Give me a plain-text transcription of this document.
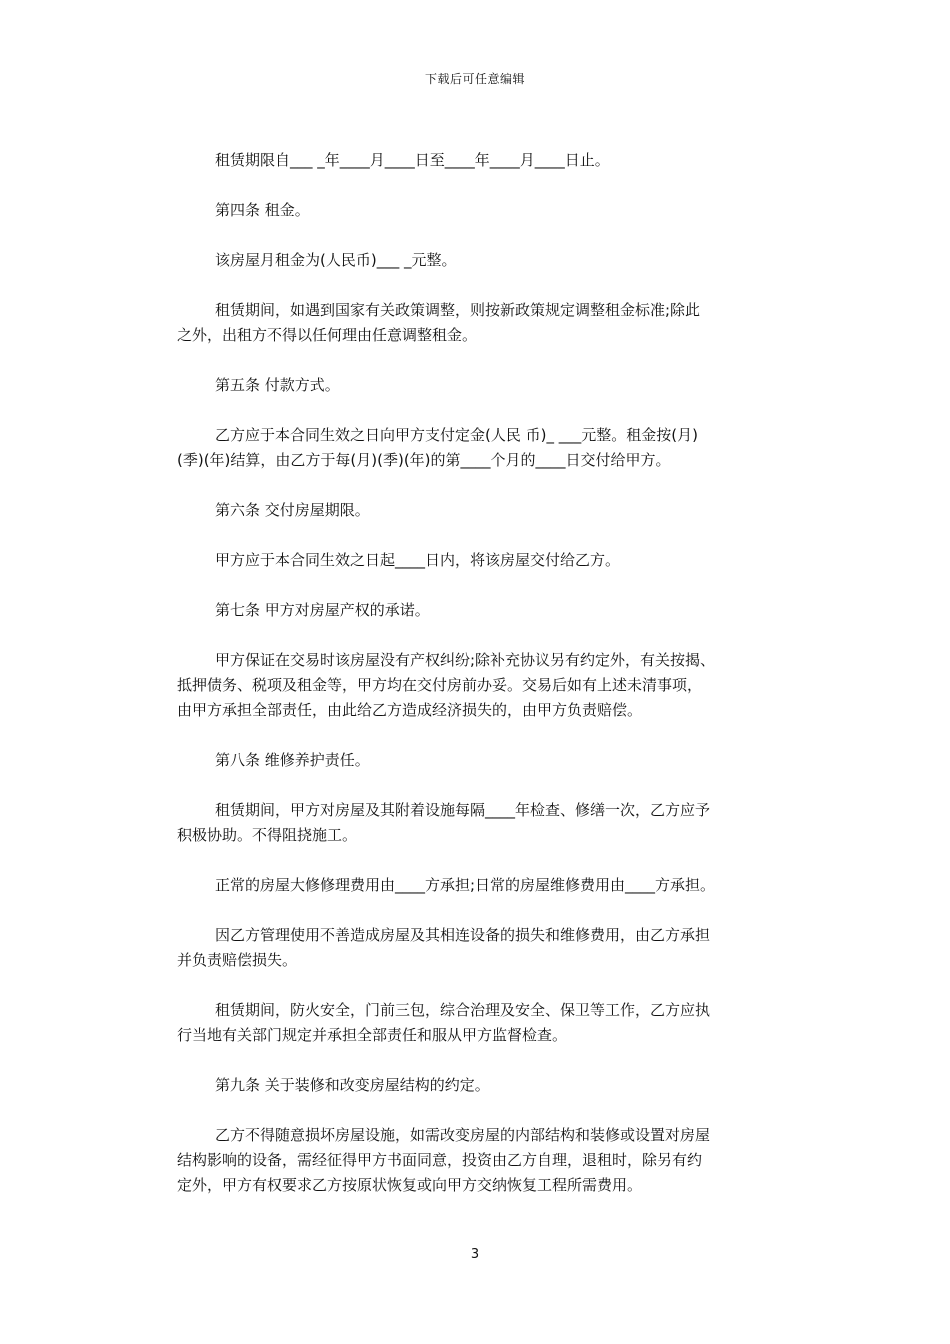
下载后可任意编辑

租赁期限自___ _年____月____日至____年____月____日止。

第四条 租金。

该房屋月租金为(人民币)___ _元整。

租赁期间，如遇到国家有关政策调整，则按新政策规定调整租金标准;除此
之外，出租方不得以任何理由任意调整租金。

第五条 付款方式。

乙方应于本合同生效之日向甲方支付定金(人民 币)_ ___元整。租金按(月)
(季)(年)结算，由乙方于每(月)(季)(年)的第____个月的____日交付给甲方。

第六条 交付房屋期限。

甲方应于本合同生效之日起____日内，将该房屋交付给乙方。

第七条 甲方对房屋产权的承诺。

甲方保证在交易时该房屋没有产权纠纷;除补充协议另有约定外，有关按揭、
抵押债务、税项及租金等，甲方均在交付房前办妥。交易后如有上述未清事项，
由甲方承担全部责任，由此给乙方造成经济损失的，由甲方负责赔偿。

第八条 维修养护责任。

租赁期间，甲方对房屋及其附着设施每隔____年检查、修缮一次，乙方应予
积极协助。不得阻挠施工。

正常的房屋大修修理费用由____方承担;日常的房屋维修费用由____方承担。

因乙方管理使用不善造成房屋及其相连设备的损失和维修费用，由乙方承担
并负责赔偿损失。

租赁期间，防火安全，门前三包，综合治理及安全、保卫等工作，乙方应执
行当地有关部门规定并承担全部责任和服从甲方监督检查。

第九条 关于装修和改变房屋结构的约定。

乙方不得随意损坏房屋设施，如需改变房屋的内部结构和装修或设置对房屋
结构影响的设备，需经征得甲方书面同意，投资由乙方自理，退租时，除另有约
定外，甲方有权要求乙方按原状恢复或向甲方交纳恢复工程所需费用。

3
